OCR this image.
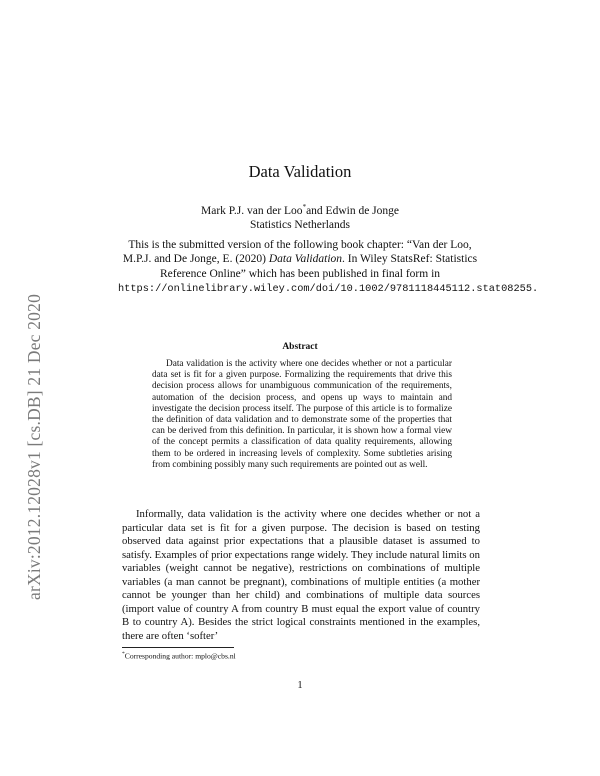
arXiv:2012.12028v1 [cs.DB] 21 Dec 2020
Data Validation
Mark P.J. van der Loo*and Edwin de Jonge
Statistics Netherlands
This is the submitted version of the following book chapter: “Van der Loo, M.P.J. and De Jonge, E. (2020) Data Validation. In Wiley StatsRef: Statistics Reference Online” which has been published in final form in
https://onlinelibrary.wiley.com/doi/10.1002/9781118445112.stat08255.
Abstract
Data validation is the activity where one decides whether or not a particular data set is fit for a given purpose. Formalizing the requirements that drive this decision process allows for unambiguous communication of the requirements, automation of the decision process, and opens up ways to maintain and investigate the decision process itself. The purpose of this article is to formalize the definition of data validation and to demonstrate some of the properties that can be derived from this definition. In particular, it is shown how a formal view of the concept permits a classification of data quality requirements, allowing them to be ordered in increasing levels of complexity. Some subtleties arising from combining possibly many such requirements are pointed out as well.
Informally, data validation is the activity where one decides whether or not a particular data set is fit for a given purpose. The decision is based on testing observed data against prior expectations that a plausible dataset is assumed to satisfy. Examples of prior expectations range widely. They include natural limits on variables (weight cannot be negative), restrictions on combinations of multiple variables (a man cannot be pregnant), combinations of multiple entities (a mother cannot be younger than her child) and combinations of multiple data sources (import value of country A from country B must equal the export value of country B to country A). Besides the strict logical constraints mentioned in the examples, there are often ‘softer’
*Corresponding author: mplo@cbs.nl
1
